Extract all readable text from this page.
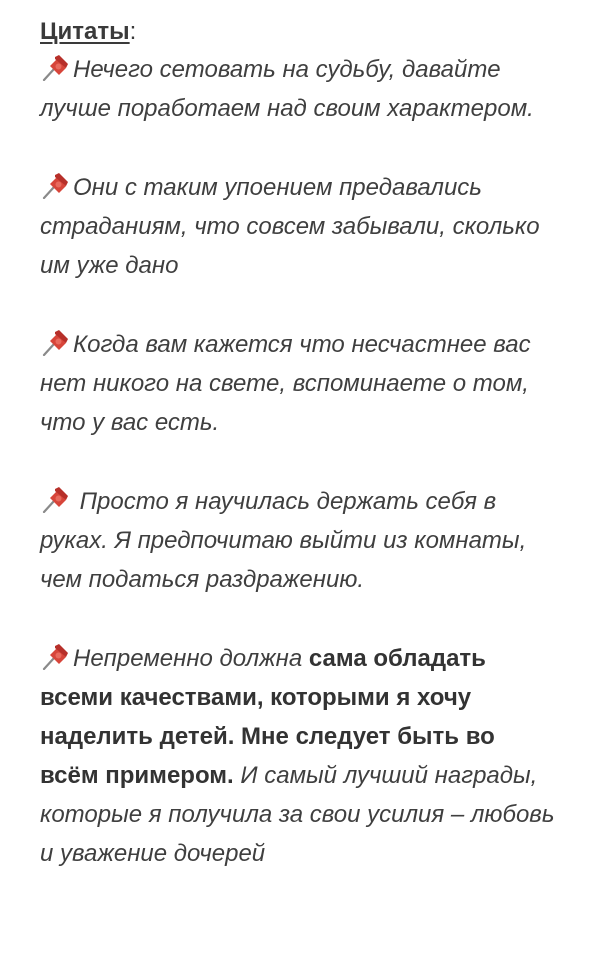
Цитаты:

Нечего сетовать на судьбу, давайте лучше поработаем над своим характером.

Они с таким упоением предавались страданиям, что совсем забывали, сколько им уже дано

Когда вам кажется что несчастнее вас нет никого на свете, вспоминаете о том, что у вас есть.

Просто я научилась держать себя в руках. Я предпочитаю выйти из комнаты, чем податься раздражению.

Непременно должна сама обладать всеми качествами, которыми я хочу наделить детей. Мне следует быть во всём примером. И самый лучший награды, которые я получила за свои усилия – любовь и уважение дочерей
